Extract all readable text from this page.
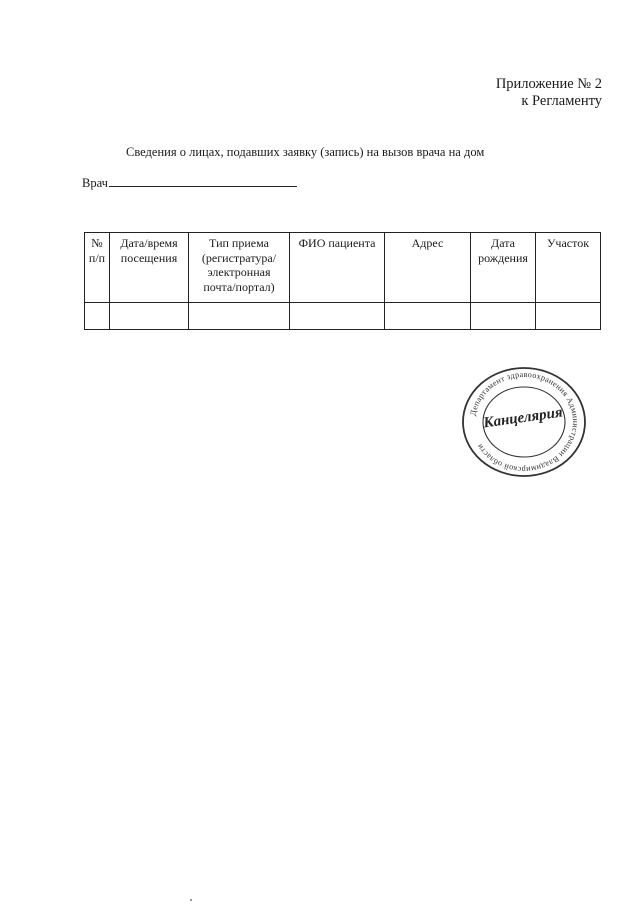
Приложение № 2
к Регламенту
Сведения о лицах, подавших заявку (запись) на вызов врача на дом
Врач
№ п/п	Дата/время посещения	Тип приема (регистратура/ электронная почта/портал)	ФИО пациента	Адрес	Дата рождения	Участок

Департамент здравоохранения Администрации Владимирской области
Канцелярия
